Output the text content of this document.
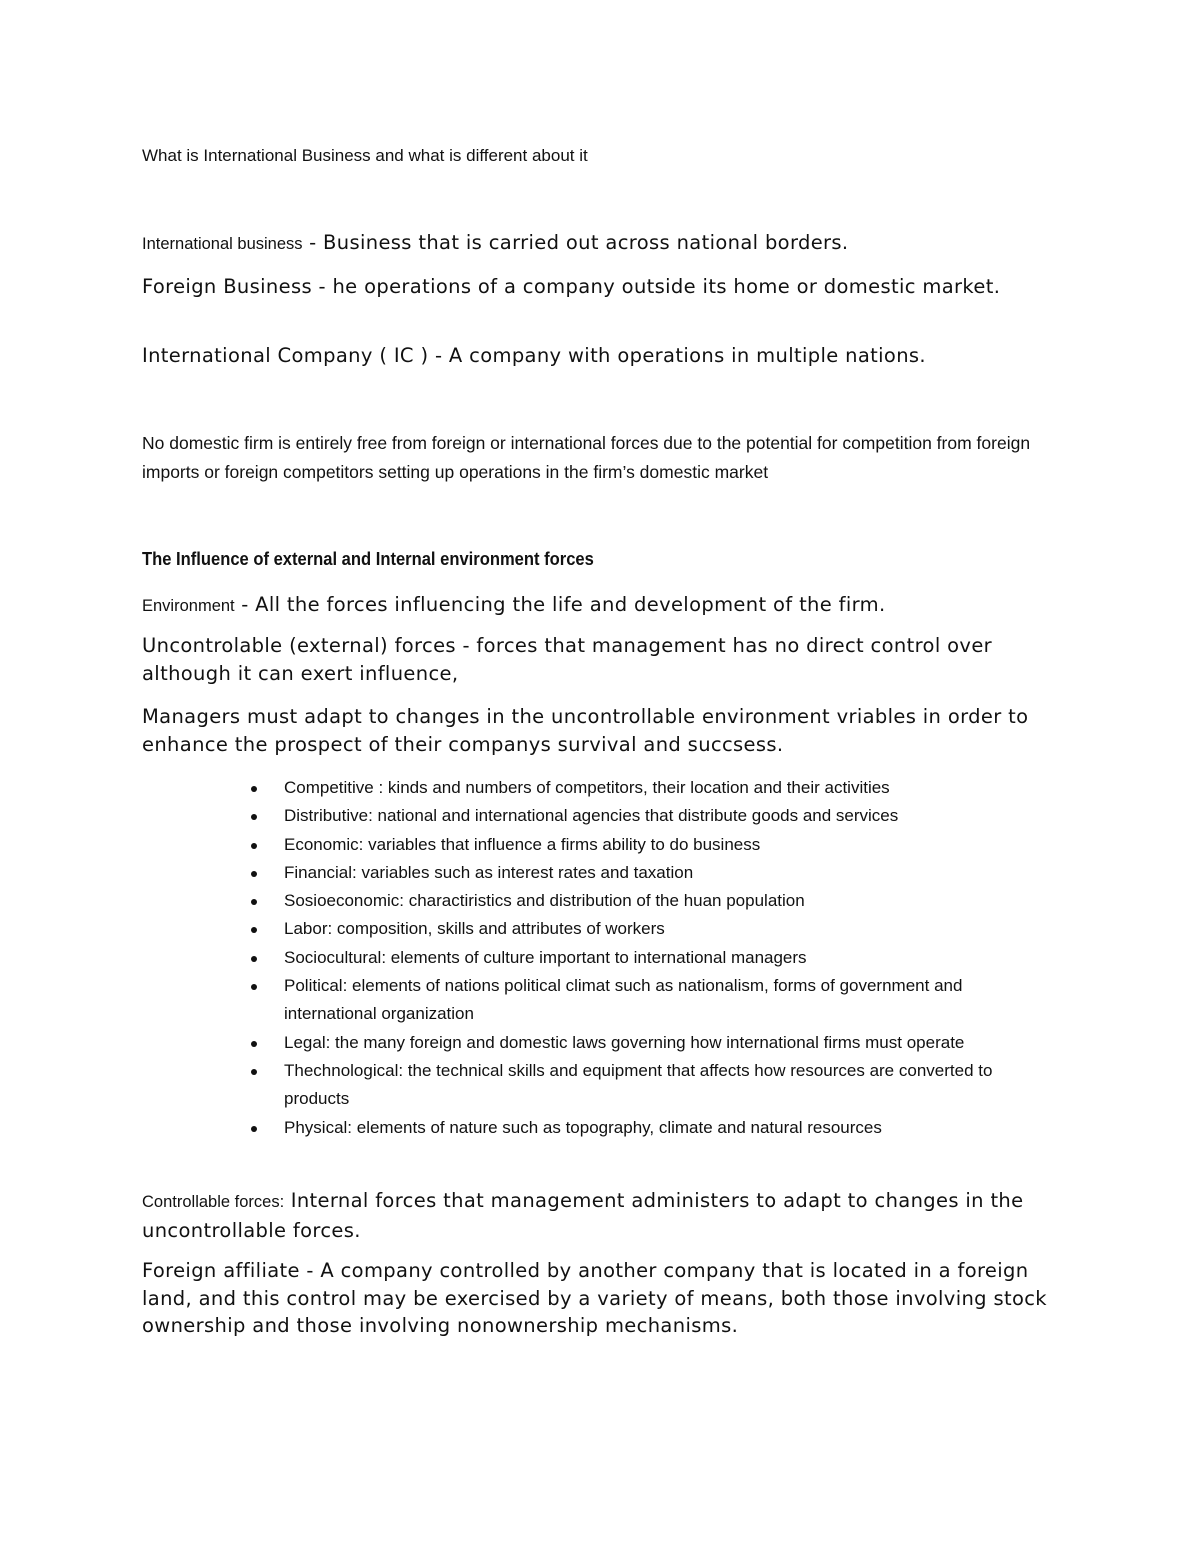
What is International Business and what is different about it
International business - Business that is carried out across national borders.
Foreign Business - he operations of a company outside its home or domestic market.
International Company ( IC ) - A company with operations in multiple nations.
No domestic firm is entirely free from foreign or international forces due to the potential for competition from foreign imports or foreign competitors setting up operations in the firm’s domestic market
The Influence of external and Internal environment forces
Environment - All the forces influencing the life and development of the firm.
Uncontrolable (external) forces - forces that management has no direct control over although it can exert influence,
Managers must adapt to changes in the uncontrollable environment vriables in order to enhance the prospect of their companys survival and succsess.
Competitive : kinds and numbers of competitors, their location and their activities
Distributive: national and international agencies that distribute goods and services
Economic: variables that influence a firms ability to do business
Financial: variables such as interest rates and taxation
Sosioeconomic: charactiristics and distribution of the huan population
Labor: composition, skills and attributes of workers
Sociocultural: elements of culture important to international managers
Political: elements of nations political climat such as nationalism, forms of government and international organization
Legal: the many foreign and domestic laws governing how international firms must operate
Thechnological: the technical skills and equipment that affects how resources are converted to products
Physical: elements of nature such as topography, climate and natural resources
Controllable forces: Internal forces that management administers to adapt to changes in the uncontrollable forces.
Foreign affiliate - A company controlled by another company that is located in a foreign land, and this control may be exercised by a variety of means, both those involving stock ownership and those involving nonownership mechanisms.
